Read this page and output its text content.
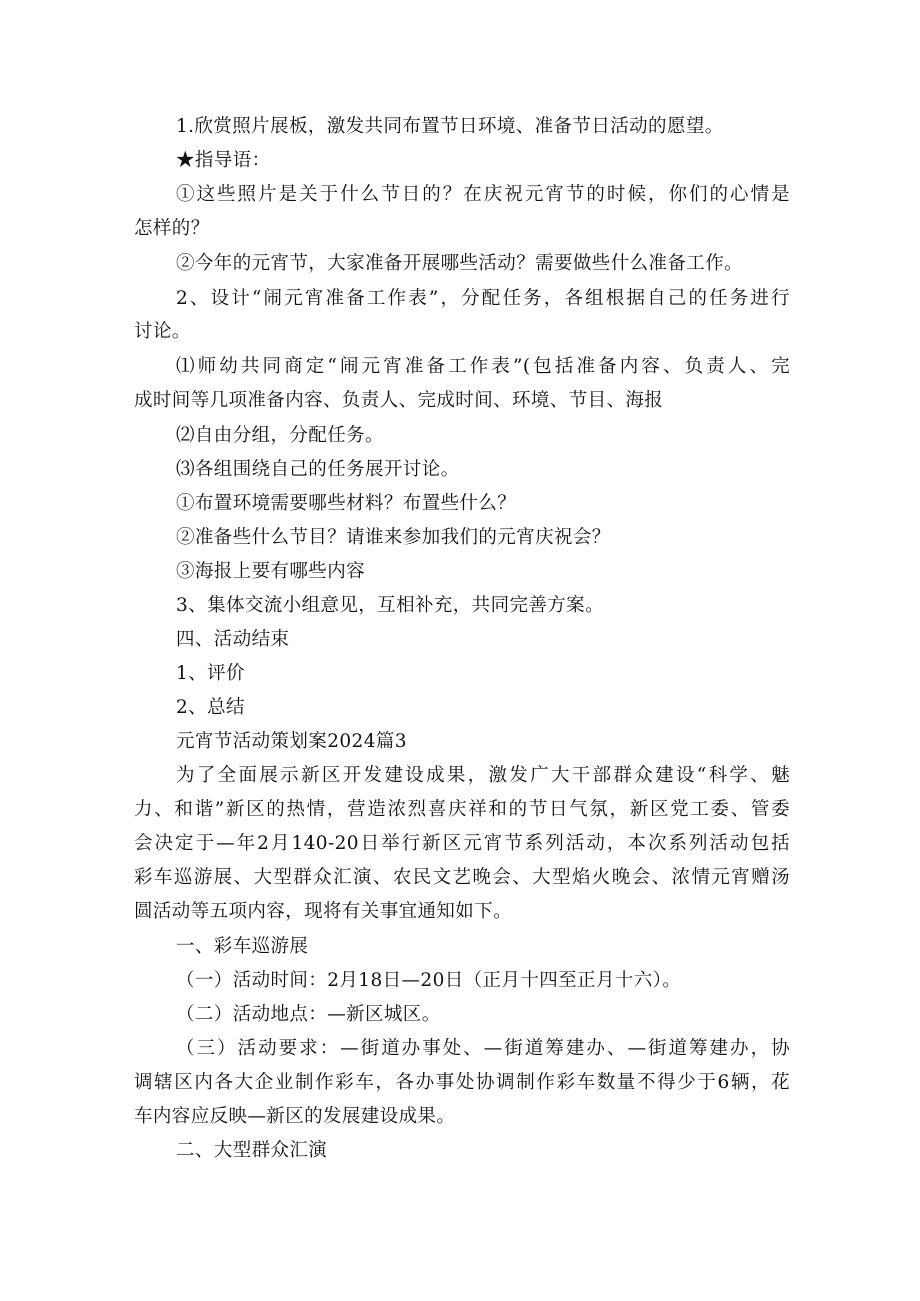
1.欣赏照片展板，激发共同布置节日环境、准备节日活动的愿望。
★指导语：
①这些照片是关于什么节日的？在庆祝元宵节的时候，你们的心情是
怎样的？
②今年的元宵节，大家准备开展哪些活动？需要做些什么准备工作。
2、设计“闹元宵准备工作表”，分配任务，各组根据自己的任务进行
讨论。
⑴师幼共同商定“闹元宵准备工作表”(包括准备内容、负责人、完
成时间等几项准备内容、负责人、完成时间、环境、节目、海报
⑵自由分组，分配任务。
⑶各组围绕自己的任务展开讨论。
①布置环境需要哪些材料？布置些什么？
②准备些什么节目？请谁来参加我们的元宵庆祝会？
③海报上要有哪些内容
3、集体交流小组意见，互相补充，共同完善方案。
四、活动结束
1、评价
2、总结
元宵节活动策划案2024篇3
为了全面展示新区开发建设成果，激发广大干部群众建设“科学、魅
力、和谐”新区的热情，营造浓烈喜庆祥和的节日气氛，新区党工委、管委
会决定于—年2月140-20日举行新区元宵节系列活动，本次系列活动包括
彩车巡游展、大型群众汇演、农民文艺晚会、大型焰火晚会、浓情元宵赠汤
圆活动等五项内容，现将有关事宜通知如下。
一、彩车巡游展
（一）活动时间：2月18日—20日（正月十四至正月十六）。
（二）活动地点：—新区城区。
（三）活动要求：—街道办事处、—街道筹建办、—街道筹建办，协
调辖区内各大企业制作彩车，各办事处协调制作彩车数量不得少于6辆，花
车内容应反映—新区的发展建设成果。
二、大型群众汇演
